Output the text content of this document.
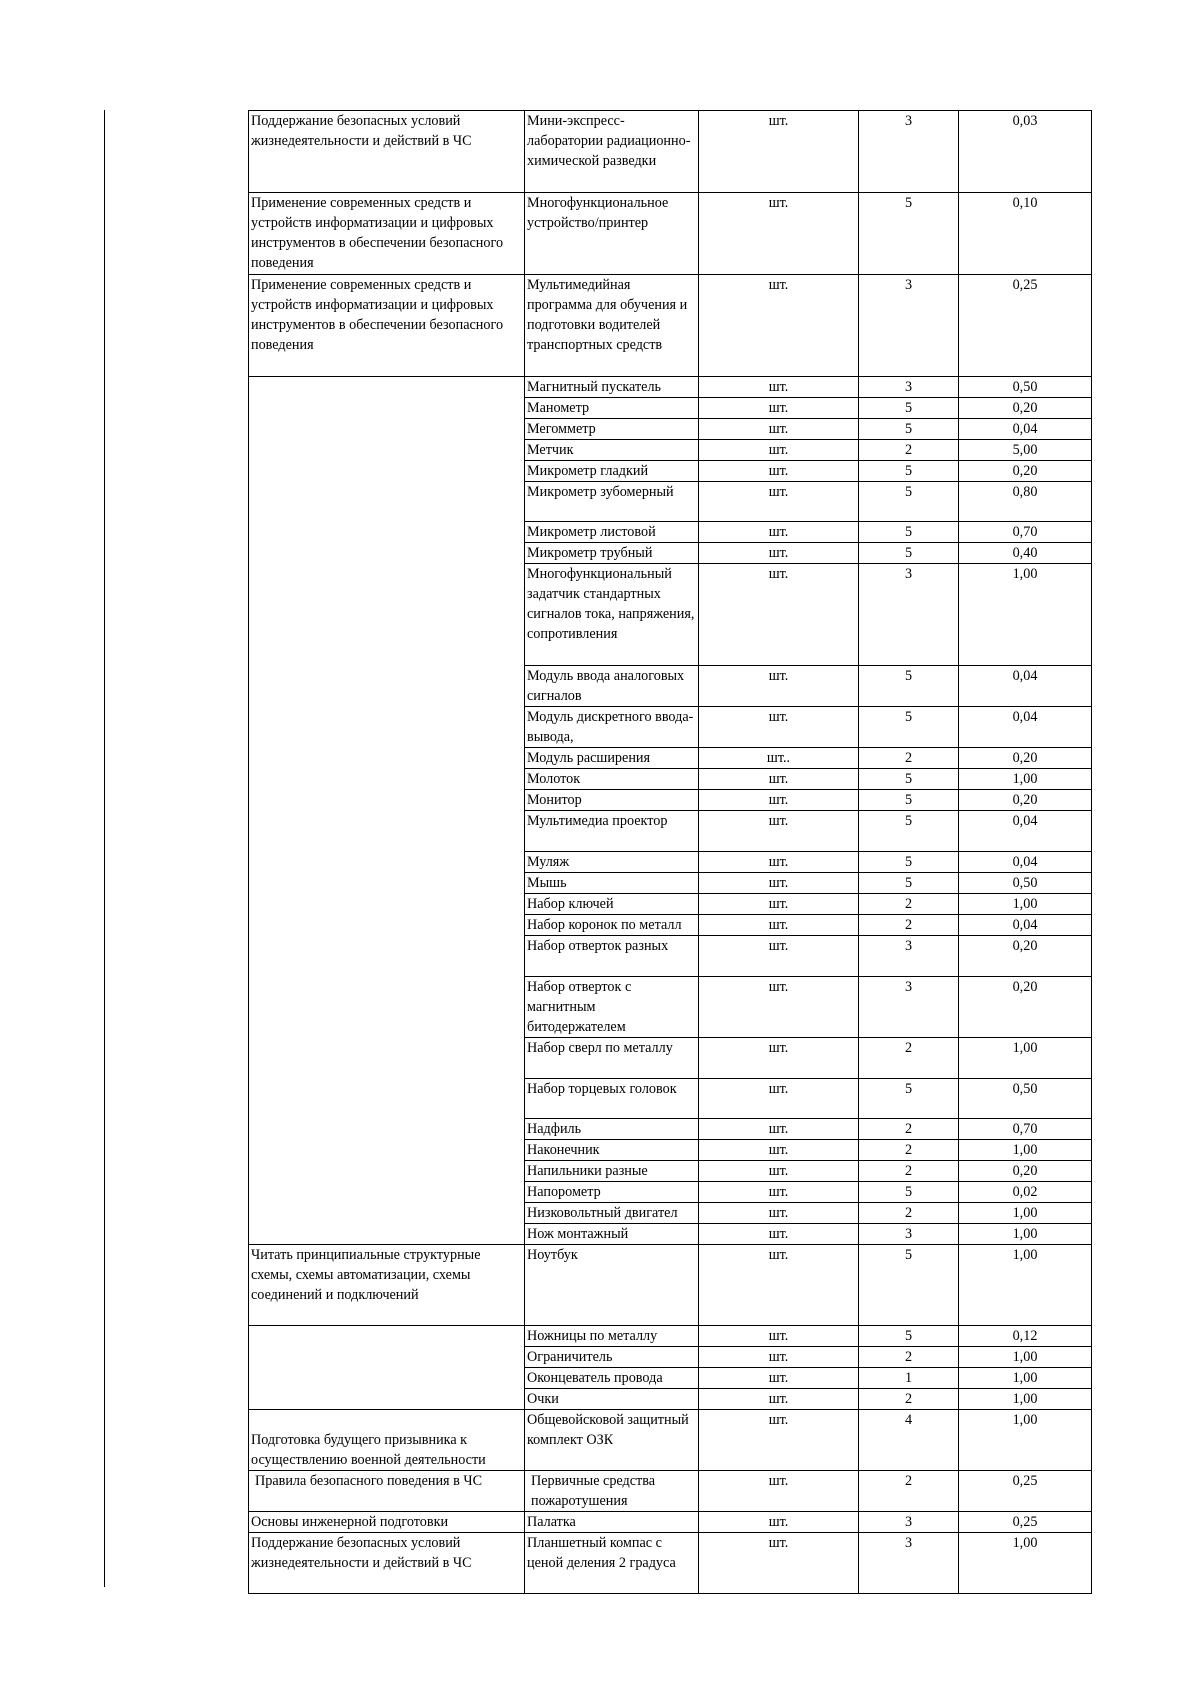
Поддержание безопасных условий жизнедеятельности и действий в ЧС	Мини-экспресс-лаборатории радиационно-химической разведки	шт.	3	0,03
Применение современных средств и устройств информатизации и цифровых инструментов в обеспечении безопасного поведения	Многофункциональное устройство/принтер	шт.	5	0,10
Применение современных средств и устройств информатизации и цифровых инструментов в обеспечении безопасного поведения	Мультимедийная программа для обучения и подготовки водителей транспортных средств	шт.	3	0,25
	Магнитный пускатель	шт.	3	0,50
	Манометр	шт.	5	0,20
	Мегомметр	шт.	5	0,04
	Метчик	шт.	2	5,00
	Микрометр гладкий	шт.	5	0,20
	Микрометр зубомерный	шт.	5	0,80
	Микрометр листовой	шт.	5	0,70
	Микрометр трубный	шт.	5	0,40
	Многофункциональный задатчик стандартных сигналов тока, напряжения, сопротивления	шт.	3	1,00
	Модуль ввода аналоговых сигналов	шт.	5	0,04
	Модуль дискретного ввода-вывода,	шт.	5	0,04
	Модуль расширения	шт..	2	0,20
	Молоток	шт.	5	1,00
	Монитор	шт.	5	0,20
	Мультимедиа проектор	шт.	5	0,04
	Муляж	шт.	5	0,04
	Мышь	шт.	5	0,50
	Набор ключей	шт.	2	1,00
	Набор коронок по металл	шт.	2	0,04
	Набор отверток разных	шт.	3	0,20
	Набор отверток с магнитным битодержателем	шт.	3	0,20
	Набор сверл по металлу	шт.	2	1,00
	Набор торцевых головок	шт.	5	0,50
	Надфиль	шт.	2	0,70
	Наконечник	шт.	2	1,00
	Напильники разные	шт.	2	0,20
	Напорометр	шт.	5	0,02
	Низковольтный двигател	шт.	2	1,00
	Нож монтажный	шт.	3	1,00
Читать принципиальные структурные схемы, схемы автоматизации, схемы соединений и подключений	Ноутбук	шт.	5	1,00
	Ножницы по металлу	шт.	5	0,12
	Ограничитель	шт.	2	1,00
	Оконцеватель провода	шт.	1	1,00
	Очки	шт.	2	1,00
Подготовка будущего призывника к осуществлению военной деятельности	Общевойсковой защитный комплект ОЗК	шт.	4	1,00
Правила безопасного поведения в ЧС	Первичные средства пожаротушения	шт.	2	0,25
Основы инженерной подготовки	Палатка	шт.	3	0,25
Поддержание безопасных условий жизнедеятельности и действий в ЧС	Планшетный компас с ценой деления 2 градуса	шт.	3	1,00
